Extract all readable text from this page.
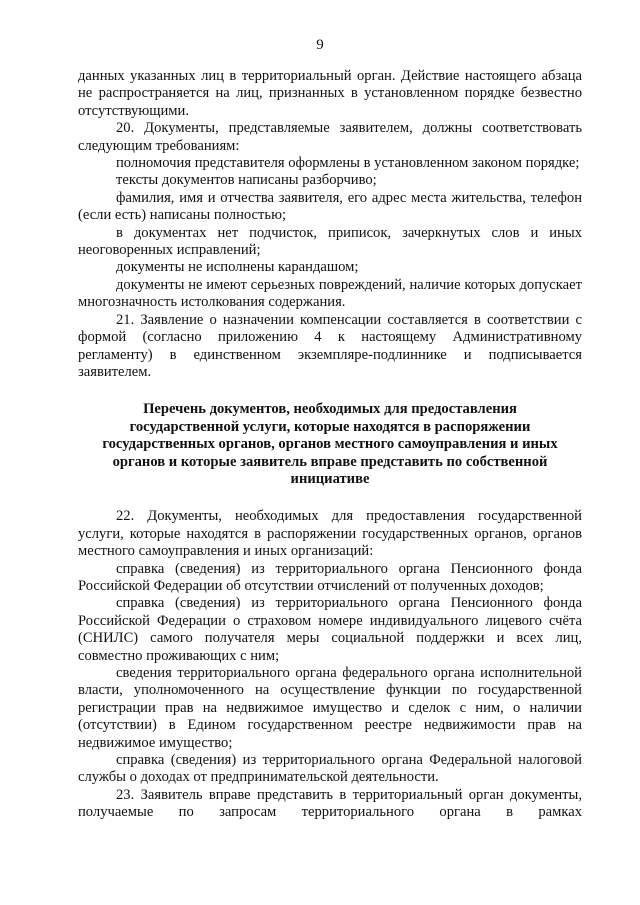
9

данных указанных лиц в территориальный орган. Действие настоящего абзаца не распространяется на лиц, признанных в установленном порядке безвестно отсутствующими.

20. Документы, представляемые заявителем, должны соответствовать следующим требованиям:

полномочия представителя оформлены в установленном законом порядке;

тексты документов написаны разборчиво;

фамилия, имя и отчества заявителя, его адрес места жительства, телефон (если есть) написаны полностью;

в документах нет подчисток, приписок, зачеркнутых слов и иных неоговоренных исправлений;

документы не исполнены карандашом;

документы не имеют серьезных повреждений, наличие которых допускает многозначность истолкования содержания.

21. Заявление о назначении компенсации составляется в соответствии с формой (согласно приложению 4 к настоящему Административному регламенту) в единственном экземпляре-подлиннике и подписывается заявителем.

Перечень документов, необходимых для предоставления государственной услуги, которые находятся в распоряжении государственных органов, органов местного самоуправления и иных органов и которые заявитель вправе представить по собственной инициативе

22. Документы, необходимых для предоставления государственной услуги, которые находятся в распоряжении государственных органов, органов местного самоуправления и иных организаций:

справка (сведения) из территориального органа Пенсионного фонда Российской Федерации об отсутствии отчислений от полученных доходов;

справка (сведения) из территориального органа Пенсионного фонда Российской Федерации о страховом номере индивидуального лицевого счёта (СНИЛС) самого получателя меры социальной поддержки и всех лиц, совместно проживающих с ним;

сведения территориального органа федерального органа исполнительной власти, уполномоченного на осуществление функции по государственной регистрации прав на недвижимое имущество и сделок с ним, о наличии (отсутствии) в Едином государственном реестре недвижимости прав на недвижимое имущество;

справка (сведения) из территориального органа Федеральной налоговой службы о доходах от предпринимательской деятельности.

23. Заявитель вправе представить в территориальный орган документы, получаемые по запросам территориального органа в рамках
